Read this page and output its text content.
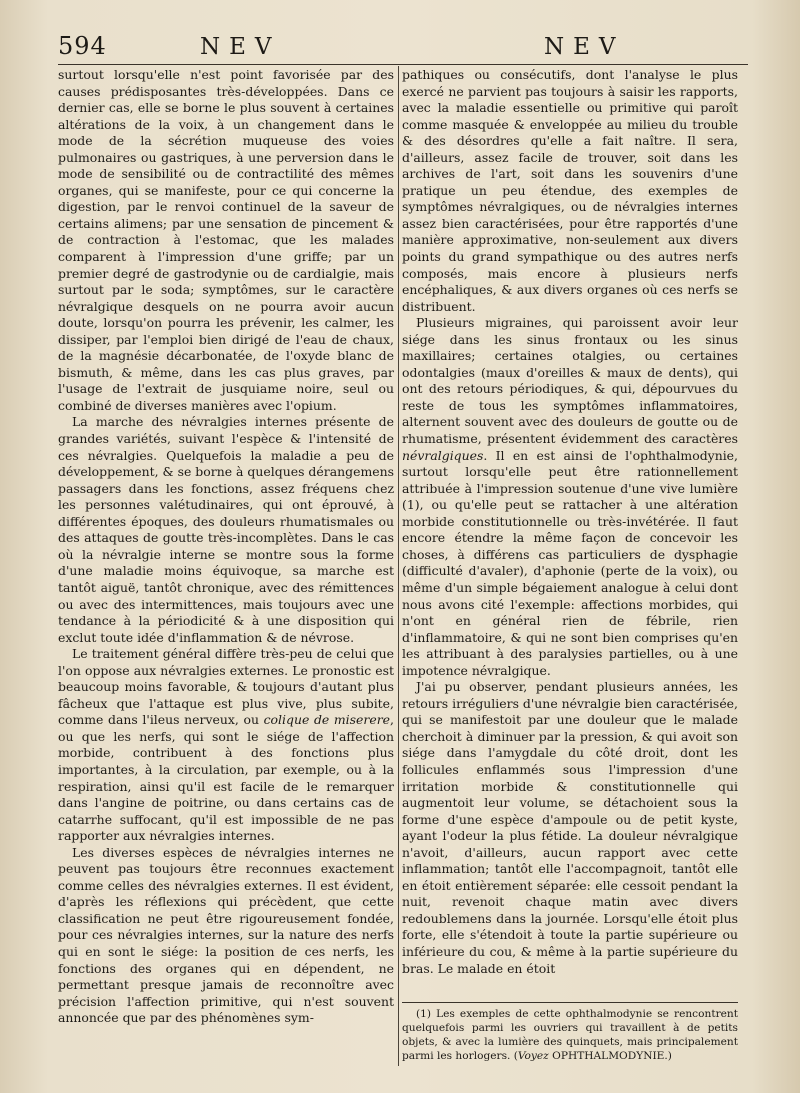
594	NEV	NEV

surtout lorsqu'elle n'est point favorisée par des causes prédisposantes très-développées. Dans ce dernier cas, elle se borne le plus souvent à certaines altérations de la voix, à un changement dans le mode de la sécrétion muqueuse des voies pulmonaires ou gastriques, à une perversion dans le mode de sensibilité ou de contractilité des mêmes organes, qui se manifeste, pour ce qui concerne la digestion, par le renvoi continuel de la saveur de certains alimens; par une sensation de pincement & de contraction à l'estomac, que les malades comparent à l'impression d'une griffe; par un premier degré de gastrodynie ou de cardialgie, mais surtout par le soda; symptômes, sur le caractère névralgique desquels on ne pourra avoir aucun doute, lorsqu'on pourra les prévenir, les calmer, les dissiper, par l'emploi bien dirigé de l'eau de chaux, de la magnésie décarbonatée, de l'oxyde blanc de bismuth, & même, dans les cas plus graves, par l'usage de l'extrait de jusquiame noire, seul ou combiné de diverses manières avec l'opium.

La marche des névralgies internes présente de grandes variétés, suivant l'espèce & l'intensité de ces névralgies. Quelquefois la maladie a peu de développement, & se borne à quelques dérangemens passagers dans les fonctions, assez fréquens chez les personnes valétudinaires, qui ont éprouvé, à différentes époques, des douleurs rhumatismales ou des attaques de goutte très-incomplètes. Dans le cas où la névralgie interne se montre sous la forme d'une maladie moins équivoque, sa marche est tantôt aiguë, tantôt chronique, avec des rémittences ou avec des intermittences, mais toujours avec une tendance à la périodicité & à une disposition qui exclut toute idée d'inflammation & de névrose.

Le traitement général diffère très-peu de celui que l'on oppose aux névralgies externes. Le pronostic est beaucoup moins favorable, & toujours d'autant plus fâcheux que l'attaque est plus vive, plus subite, comme dans l'ileus nerveux, ou colique de miserere, ou que les nerfs, qui sont le siége de l'affection morbide, contribuent à des fonctions plus importantes, à la circulation, par exemple, ou à la respiration, ainsi qu'il est facile de le remarquer dans l'angine de poitrine, ou dans certains cas de catarrhe suffocant, qu'il est impossible de ne pas rapporter aux névralgies internes.

Les diverses espèces de névralgies internes ne peuvent pas toujours être reconnues exactement comme celles des névralgies externes. Il est évident, d'après les réflexions qui précèdent, que cette classification ne peut être rigoureusement fondée, pour ces névralgies internes, sur la nature des nerfs qui en sont le siége: la position de ces nerfs, les fonctions des organes qui en dépendent, ne permettant presque jamais de reconnoître avec précision l'affection primitive, qui n'est souvent annoncée que par des phénomènes sym-

pathiques ou consécutifs, dont l'analyse le plus exercé ne parvient pas toujours à saisir les rapports, avec la maladie essentielle ou primitive qui paroît comme masquée & enveloppée au milieu du trouble & des désordres qu'elle a fait naître. Il sera, d'ailleurs, assez facile de trouver, soit dans les archives de l'art, soit dans les souvenirs d'une pratique un peu étendue, des exemples de symptômes névralgiques, ou de névralgies internes assez bien caractérisées, pour être rapportés d'une manière approximative, non-seulement aux divers points du grand sympathique ou des autres nerfs composés, mais encore à plusieurs nerfs encéphaliques, & aux divers organes où ces nerfs se distribuent.

Plusieurs migraines, qui paroissent avoir leur siége dans les sinus frontaux ou les sinus maxillaires; certaines otalgies, ou certaines odontalgies (maux d'oreilles & maux de dents), qui ont des retours périodiques, & qui, dépourvues du reste de tous les symptômes inflammatoires, alternent souvent avec des douleurs de goutte ou de rhumatisme, présentent évidemment des caractères névralgiques. Il en est ainsi de l'ophthalmodynie, surtout lorsqu'elle peut être rationnellement attribuée à l'impression soutenue d'une vive lumière (1), ou qu'elle peut se rattacher à une altération morbide constitutionnelle ou très-invétérée. Il faut encore étendre la même façon de concevoir les choses, à différens cas particuliers de dysphagie (difficulté d'avaler), d'aphonie (perte de la voix), ou même d'un simple bégaiement analogue à celui dont nous avons cité l'exemple: affections morbides, qui n'ont en général rien de fébrile, rien d'inflammatoire, & qui ne sont bien comprises qu'en les attribuant à des paralysies partielles, ou à une impotence névralgique.

J'ai pu observer, pendant plusieurs années, les retours irréguliers d'une névralgie bien caractérisée, qui se manifestoit par une douleur que le malade cherchoit à diminuer par la pression, & qui avoit son siége dans l'amygdale du côté droit, dont les follicules enflammés sous l'impression d'une irritation morbide & constitutionnelle qui augmentoit leur volume, se détachoient sous la forme d'une espèce d'ampoule ou de petit kyste, ayant l'odeur la plus fétide. La douleur névralgique n'avoit, d'ailleurs, aucun rapport avec cette inflammation; tantôt elle l'accompagnoit, tantôt elle en étoit entièrement séparée: elle cessoit pendant la nuit, revenoit chaque matin avec divers redoublemens dans la journée. Lorsqu'elle étoit plus forte, elle s'étendoit à toute la partie supérieure ou inférieure du cou, & même à la partie supérieure du bras. Le malade en étoit

(1) Les exemples de cette ophthalmodynie se rencontrent quelquefois parmi les ouvriers qui travaillent à de petits objets, & avec la lumière des quinquets, mais principalement parmi les horlogers. (Voyez OPHTHALMODYNIE.)
